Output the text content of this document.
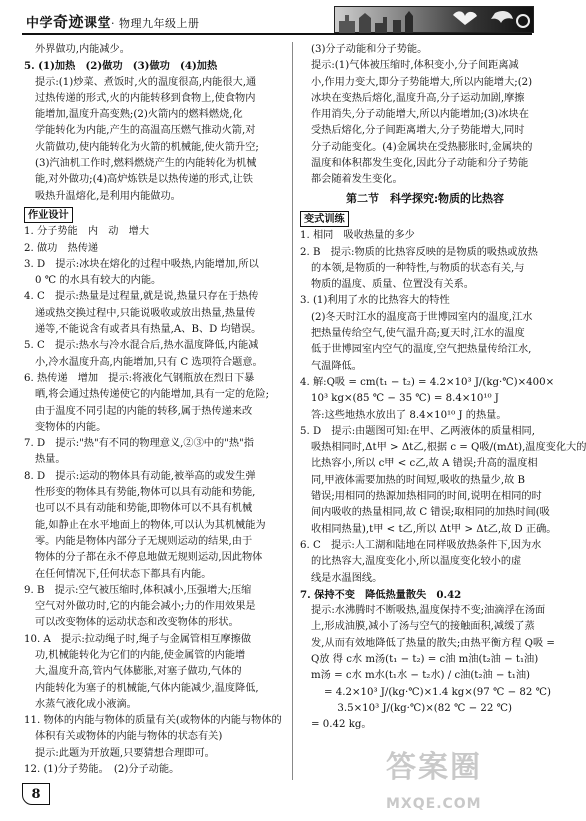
中学奇迹课堂· 物理九年级上册
外界做功,内能减少。
5. (1)加热　(2)做功　(3)做功　(4)加热
提示:(1)炒菜、煮饭时,火的温度很高,内能很大,通
过热传递的形式,火的内能转移到食物上,使食物内
能增加,温度升高变熟;(2)火箭内的燃料燃烧,化
学能转化为内能,产生的高温高压燃气推动火箭,对
火箭做功,使内能转化为火箭的机械能,使火箭升空;
(3)汽油机工作时,燃料燃烧产生的内能转化为机械
能,对外做功;(4)高炉炼铁是以热传递的形式,让铁
吸热升温熔化,是利用内能做功。
作业设计
1. 分子势能　内　动　增大
2. 做功　热传递
3. D　提示:冰块在熔化的过程中吸热,内能增加,所以
0 ℃ 的水具有较大的内能。
4. C　提示:热量是过程量,就是说,热量只存在于热传
递或热交换过程中,只能说吸收或放出热量,热量传
递等,不能说含有或者具有热量,A、B、D 均错误。
5. C　提示:热水与冷水混合后,热水温度降低,内能减
小,冷水温度升高,内能增加,只有 C 选项符合题意。
6. 热传递　增加　提示:将液化气钢瓶放在烈日下暴
晒,将会通过热传递使它的内能增加,具有一定的危险;
由于温度不同引起的内能的转移,属于热传递来改
变物体的内能。
7. D　提示:"热"有不同的物理意义,②③中的"热"指
热量。
8. D　提示:运动的物体具有动能,被举高的或发生弹
性形变的物体具有势能,物体可以具有动能和势能,
也可以不具有动能和势能,即物体可以不具有机械
能,如静止在水平地面上的物体,可以认为其机械能为
零。内能是物体内部分子无规则运动的结果,由于
物体的分子都在永不停息地做无规则运动,因此物体
在任何情况下,任何状态下都具有内能。
9. B　提示:空气被压缩时,体积减小,压强增大;压缩
空气对外做功时,它的内能会减小;力的作用效果是
可以改变物体的运动状态和改变物体的形状。
10. A　提示:拉动绳子时,绳子与金属管相互摩擦做
功,机械能转化为它们的内能,使金属管的内能增
大,温度升高,管内气体膨胀,对塞子做功,气体的
内能转化为塞子的机械能,气体内能减少,温度降低,
水蒸气液化成小液滴。
11. 物体的内能与物体的质量有关(或物体的内能与物体的
体积有关或物体的内能与物体的状态有关)
提示:此题为开放题,只要猜想合理即可。
12. (1)分子势能。　(2)分子动能。
(3)分子动能和分子势能。
提示:(1)气体被压缩时,体积变小,分子间距离减
小,作用力变大,即分子势能增大,所以内能增大;(2)
冰块在变热后熔化,温度升高,分子运动加剧,摩擦
作用消失,分子动能增大,所以内能增加;(3)冰块在
受热后熔化,分子间距离增大,分子势能增大,同时
分子动能变化。(4)金属块在受热膨胀时,金属块的
温度和体积都发生变化,因此分子动能和分子势能
都会随着发生变化。
第二节　科学探究:物质的比热容
变式训练
1. 相同　吸收热量的多少
2. B　提示:物质的比热容反映的是物质的吸热或放热
的本领,是物质的一种特性,与物质的状态有关,与
物质的温度、质量、位置没有关系。
3. (1)利用了水的比热容大的特性
(2)冬天时江水的温度高于世博园室内的温度,江水
把热量传给空气,使气温升高;夏天时,江水的温度
低于世博园室内空气的温度,空气把热量传给江水,
气温降低。
4. 解:Q吸 = cm(t₁ − t₂) = 4.2×10³ J/(kg·℃)×400×
10³ kg×(85 ℃ − 35 ℃) = 8.4×10¹⁰ J
答:这些地热水放出了 8.4×10¹⁰ J 的热量。
5. D　提示:由题图可知:在甲、乙两液体的质量相同,
吸热相同时,Δt甲 > Δt乙,根据 c = Q吸/(mΔt),温度变化大的
比热容小,所以 c甲 < c乙,故 A 错误;升高的温度相
同,甲液体需要加热的时间短,吸收的热量少,故 B
错误;用相同的热源加热相同的时间,说明在相同的时
间内吸收的热量相同,故 C 错误;取相同的加热时间(吸
收相同热量),t甲 < t乙,所以 Δt甲 > Δt乙,故 D 正确。
6. C　提示:人工湖和陆地在同样吸放热条件下,因为水
的比热容大,温度变化小,所以温度变化较小的虚
线是水温图线。
7. 保持不变　降低热量散失　0.42
提示:水沸腾时不断吸热,温度保持不变;油滴浮在汤面
上,形成油膜,减小了汤与空气的接触面积,减缓了蒸
发,从而有效地降低了热量的散失;由热平衡方程 Q吸 =
Q放 得 c水 m汤(t₁ − t₂) = c油 m油(t₂油 − t₁油)
m汤 = c水 m水(t₁水 − t₂水) / c油(t₂油 − t₁油)
= 4.2×10³ J/(kg·℃)×1.4 kg×(97 ℃ − 82 ℃)
　 3.5×10³ J/(kg·℃)×(82 ℃ − 22 ℃)
= 0.42 kg。
8
答案圈
MXQE.COM
